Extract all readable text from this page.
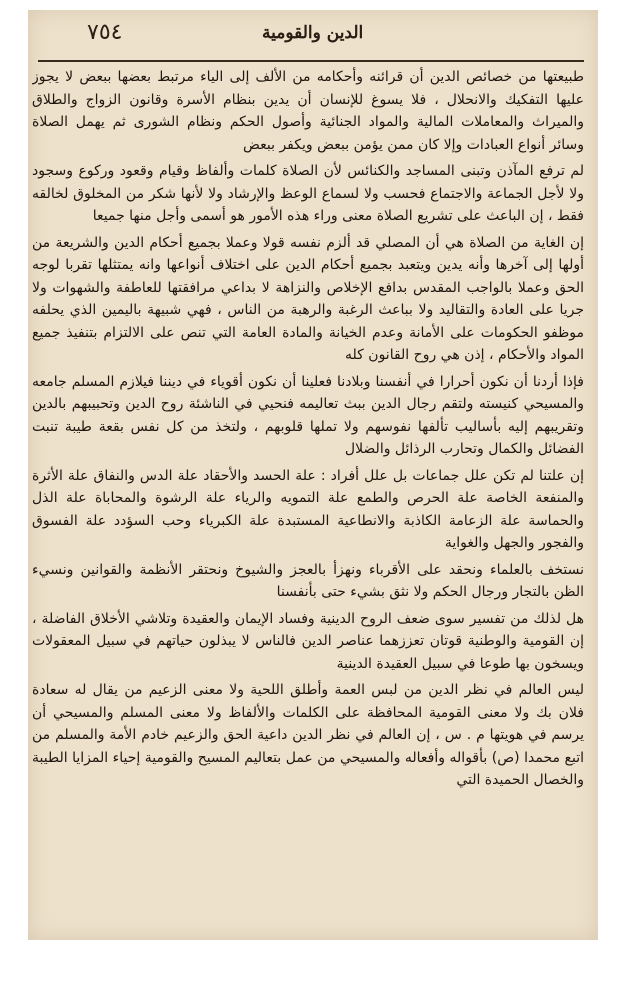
٧٥٤	الدين والقومية

طبيعتها من خصائص الدين أن قرائنه وأحكامه من الألف إلى الياء مرتبط بعضها ببعض لا يجوز عليها التفكيك والانحلال ، فلا يسوغ للإنسان أن يدين بنظام الأسرة وقانون الزواج والطلاق والميراث والمعاملات المالية والمواد الجنائية وأصول الحكم ونظام الشورى ثم يهمل الصلاة وسائر أنواع العبادات وإلا كان ممن يؤمن ببعض ويكفر ببعض

لم ترفع المآذن وتبنى المساجد والكنائس لأن الصلاة كلمات وألفاظ وقيام وقعود وركوع وسجود ولا لأجل الجماعة والاجتماع فحسب ولا لسماع الوعظ والإرشاد ولا لأنها شكر من المخلوق لخالقه فقط ، إن الباعث على تشريع الصلاة معنى وراء هذه الأمور هو أسمى وأجل منها جميعا

إن الغاية من الصلاة هي أن المصلي قد ألزم نفسه قولا وعملا بجميع أحكام الدين والشريعة من أولها إلى آخرها وأنه يدين ويتعبد بجميع أحكام الدين على اختلاف أنواعها وانه يمتثلها تقربا لوجه الحق وعملا بالواجب المقدس بدافع الإخلاص والنزاهة لا بداعي مرافقتها للعاطفة والشهوات ولا جريا على العادة والتقاليد ولا بباعث الرغبة والرهبة من الناس ، فهي شبيهة باليمين الذي يحلفه موظفو الحكومات على الأمانة وعدم الخيانة والمادة العامة التي تنص على الالتزام بتنفيذ جميع المواد والأحكام ، إذن هي روح القانون كله

فإذا أردنا أن نكون أحرارا في أنفسنا وبلادنا فعلينا أن نكون أقوياء في ديننا فيلازم المسلم جامعه والمسيحي كنيسته ولتقم رجال الدين ببث تعاليمه فنحيي في الناشئة روح الدين وتحبيبهم بالدين وتقريبهم إليه بأساليب تألفها نفوسهم ولا تملها قلوبهم ، ولتخذ من كل نفس بقعة طيبة تنبت الفضائل والكمال وتحارب الرذائل والضلال

إن علتنا لم تكن علل جماعات بل علل أفراد : علة الحسد والأحقاد علة الدس والنفاق علة الأثرة والمنفعة الخاصة علة الحرص والطمع علة التمويه والرياء علة الرشوة والمحاباة علة الذل والحماسة علة الزعامة الكاذبة والانطاعية المستبدة علة الكبرياء وحب السؤدد علة الفسوق والفجور والجهل والغواية

نستخف بالعلماء ونحقد على الأقرباء ونهزأ بالعجز والشيوخ ونحتقر الأنظمة والقوانين ونسيء الظن بالتجار ورجال الحكم ولا نثق بشيء حتى بأنفسنا

هل لذلك من تفسير سوى ضعف الروح الدينية وفساد الإيمان والعقيدة وتلاشي الأخلاق الفاضلة ، إن القومية والوطنية قوتان تعززهما عناصر الدين فالناس لا يبذلون حياتهم في سبيل المعقولات ويسخون بها طوعا في سبيل العقيدة الدينية

ليس العالم في نظر الدين من لبس العمة وأطلق اللحية ولا معنى الزعيم من يقال له سعادة فلان بك ولا معنى القومية المحافظة على الكلمات والألفاظ ولا معنى المسلم والمسيحي أن يرسم في هويتها م . س ، إن العالم في نظر الدين داعية الحق والزعيم خادم الأمة والمسلم من اتبع محمدا (ص) بأقواله وأفعاله والمسيحي من عمل بتعاليم المسيح والقومية إحياء المزايا الطيبة والخصال الحميدة التي
